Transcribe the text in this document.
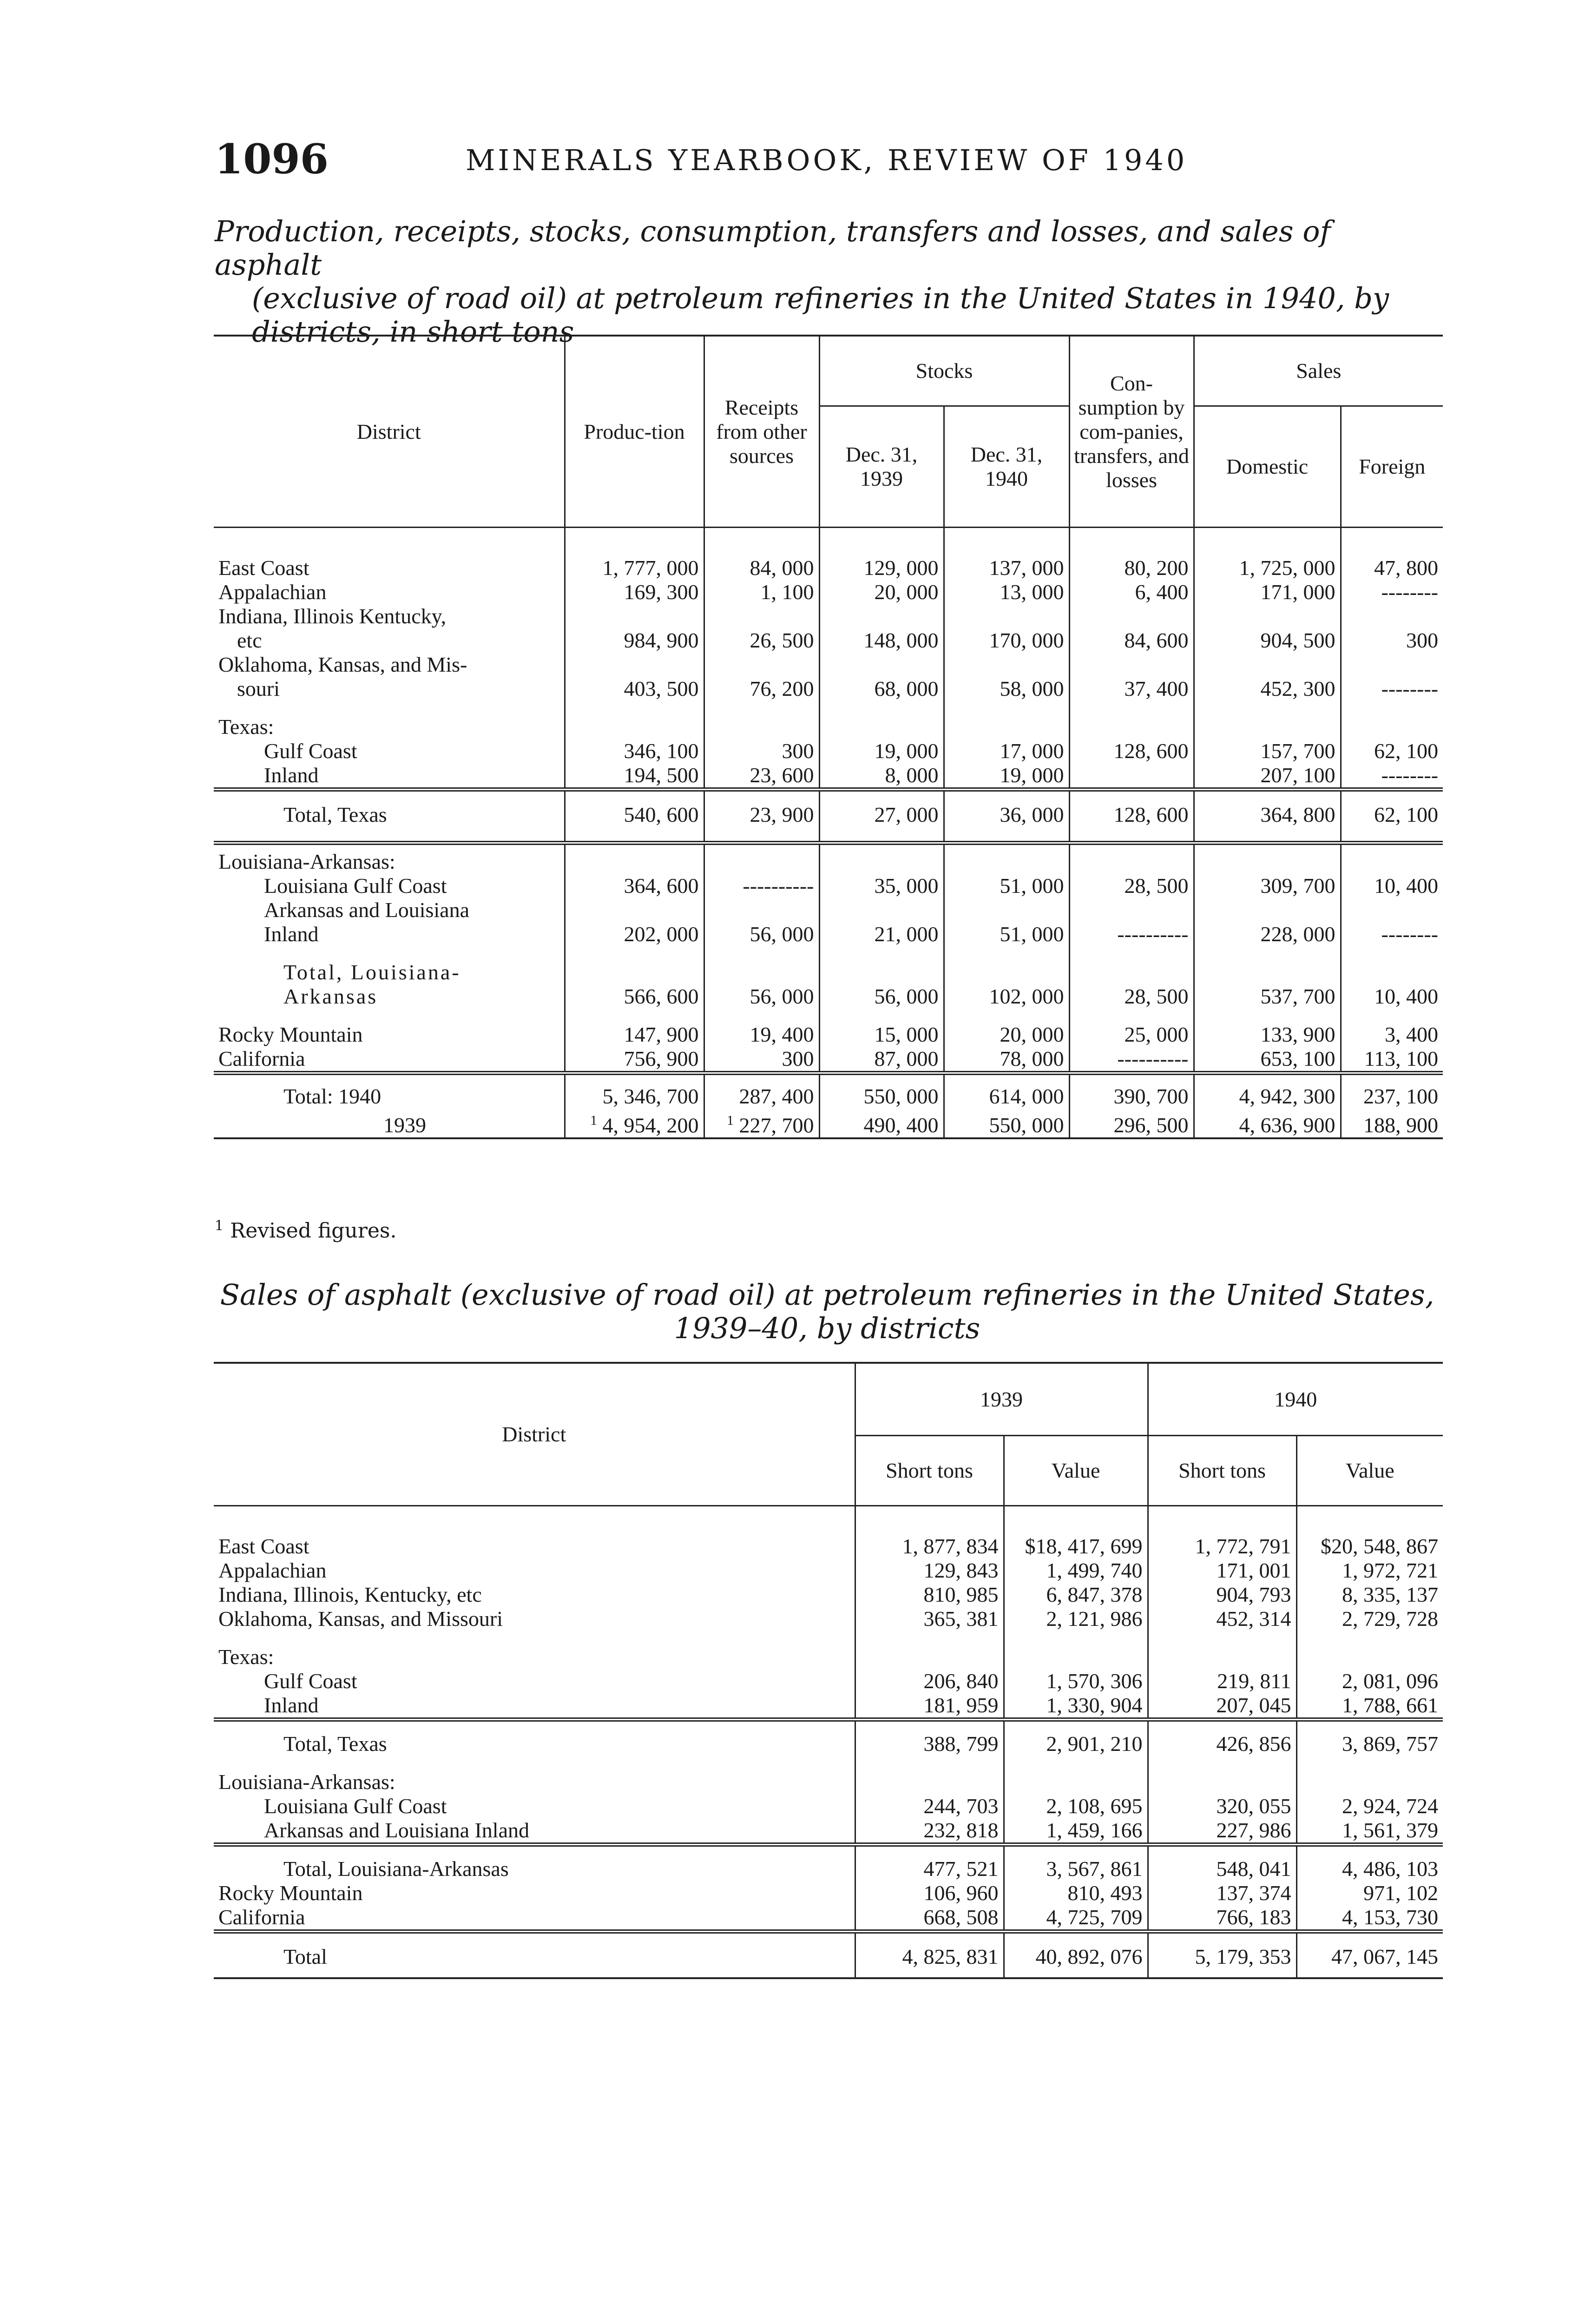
1096	MINERALS YEARBOOK, REVIEW OF 1940
Production, receipts, stocks, consumption, transfers and losses, and sales of asphalt
(exclusive of road oil) at petroleum refineries in the United States in 1940, by
districts, in short tons
District	Produc-tion	Receipts from other sources	Stocks		Con-sumption by com-panies, transfers, and losses	Sales	
			Dec. 31, 1939	Dec. 31, 1940		Domestic	Foreign

East Coast	1, 777, 000	84, 000	129, 000	137, 000	80, 200	1, 725, 000	47, 800
Appalachian	169, 300	1, 100	20, 000	13, 000	6, 400	171, 000	--------
Indiana, Illinois Kentucky,
etc	984, 900	26, 500	148, 000	170, 000	84, 600	904, 500	300
Oklahoma, Kansas, and Mis-
souri	403, 500	76, 200	68, 000	58, 000	37, 400	452, 300	--------

Texas:							
Gulf Coast	346, 100	300	19, 000	17, 000	128, 600	157, 700	62, 100
Inland	194, 500	23, 600	8, 000	19, 000		207, 100	--------
Total, Texas	540, 600	23, 900	27, 000	36, 000	128, 600	364, 800	62, 100

Louisiana-Arkansas:							
Louisiana Gulf Coast	364, 600	----------	35, 000	51, 000	28, 500	309, 700	10, 400
Arkansas and Louisiana
Inland	202, 000	56, 000	21, 000	51, 000	----------	228, 000	--------

Total, Louisiana-
Arkansas	566, 600	56, 000	56, 000	102, 000	28, 500	537, 700	10, 400

Rocky Mountain	147, 900	19, 400	15, 000	20, 000	25, 000	133, 900	3, 400
California	756, 900	300	87, 000	78, 000	----------	653, 100	113, 100
Total: 1940	5, 346, 700	287, 400	550, 000	614, 000	390, 700	4, 942, 300	237, 100
1939	$^1$ 4, 954, 200	$^1$ 227, 700	490, 400	550, 000	296, 500	4, 636, 900	188, 900
$^1$ Revised figures.
Sales of asphalt (exclusive of road oil) at petroleum refineries in the United States,
1939–40, by districts
District	1939		1940	
	Short tons	Value	Short tons	Value

East Coast	1, 877, 834	$18, 417, 699	1, 772, 791	$20, 548, 867
Appalachian	129, 843	1, 499, 740	171, 001	1, 972, 721
Indiana, Illinois, Kentucky, etc	810, 985	6, 847, 378	904, 793	8, 335, 137
Oklahoma, Kansas, and Missouri	365, 381	2, 121, 986	452, 314	2, 729, 728

Texas:				
Gulf Coast	206, 840	1, 570, 306	219, 811	2, 081, 096
Inland	181, 959	1, 330, 904	207, 045	1, 788, 661
Total, Texas	388, 799	2, 901, 210	426, 856	3, 869, 757

Louisiana-Arkansas:				
Louisiana Gulf Coast	244, 703	2, 108, 695	320, 055	2, 924, 724
Arkansas and Louisiana Inland	232, 818	1, 459, 166	227, 986	1, 561, 379
Total, Louisiana-Arkansas	477, 521	3, 567, 861	548, 041	4, 486, 103
Rocky Mountain	106, 960	810, 493	137, 374	971, 102
California	668, 508	4, 725, 709	766, 183	4, 153, 730
Total	4, 825, 831	40, 892, 076	5, 179, 353	47, 067, 145
